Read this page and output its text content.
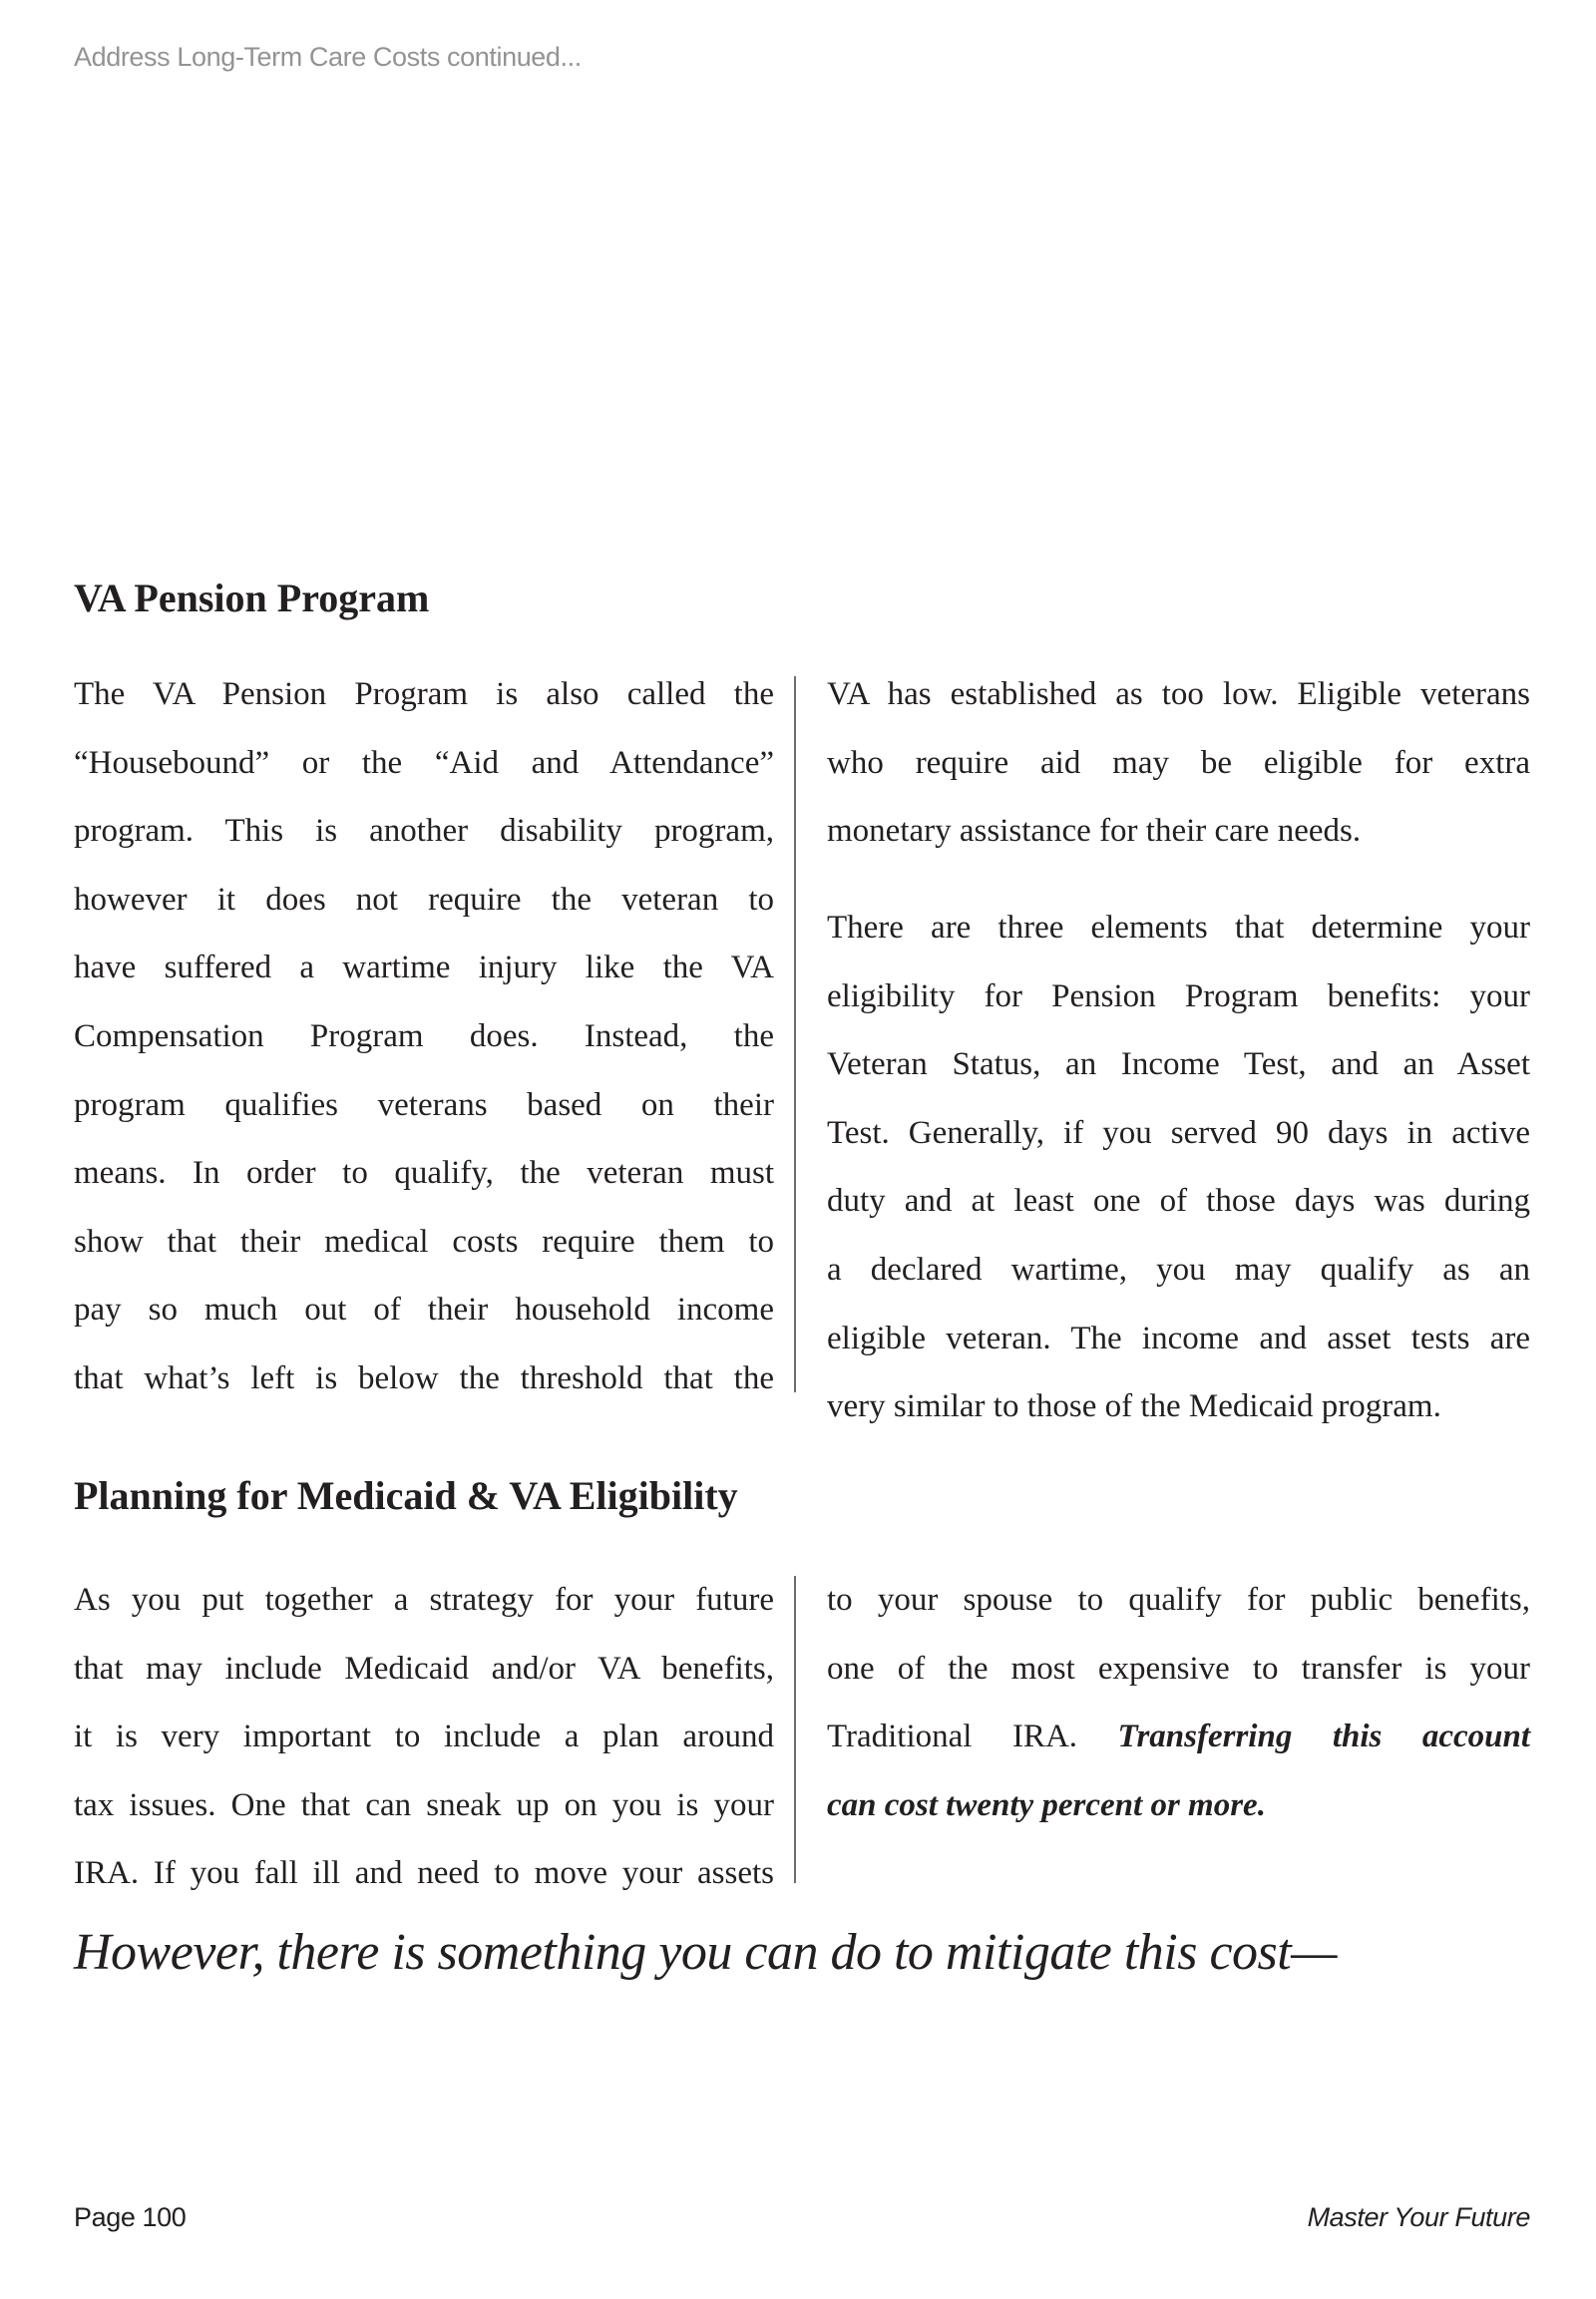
Address Long-Term Care Costs continued...
VA Pension Program

The VA Pension Program is also called the

“Housebound” or the “Aid and Attendance”

program. This is another disability program,

however it does not require the veteran to

have suffered a wartime injury like the VA

Compensation Program does. Instead, the

program qualifies veterans based on their

means. In order to qualify, the veteran must

show that their medical costs require them to

pay so much out of their household income

that what’s left is below the threshold that the

VA has established as too low. Eligible veterans

who require aid may be eligible for extra

monetary assistance for their care needs.

There are three elements that determine your

eligibility for Pension Program benefits: your

Veteran Status, an Income Test, and an Asset

Test. Generally, if you served 90 days in active

duty and at least one of those days was during

a declared wartime, you may qualify as an

eligible veteran. The income and asset tests are

very similar to those of the Medicaid program.

Planning for Medicaid & VA Eligibility

As you put together a strategy for your future

that may include Medicaid and/or VA benefits,

it is very important to include a plan around

tax issues. One that can sneak up on you is your

IRA. If you fall ill and need to move your assets

to your spouse to qualify for public benefits,

one of the most expensive to transfer is your

Traditional IRA. Transferring this account

can cost twenty percent or more.

However, there is something you can do to mitigate this cost—
Page 100	Master Your Future
